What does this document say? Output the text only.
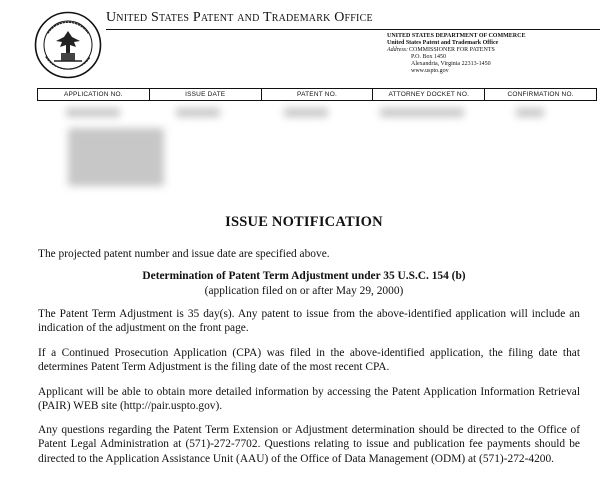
United States Patent and Trademark Office
UNITED STATES DEPARTMENT OF COMMERCE
United States Patent and Trademark Office
Address: COMMISSIONER FOR PATENTS
P.O. Box 1450
Alexandria, Virginia 22313-1450
www.uspto.gov
APPLICATION NO.	ISSUE DATE	PATENT NO.	ATTORNEY DOCKET NO.	CONFIRMATION NO.
ISSUE NOTIFICATION
The projected patent number and issue date are specified above.
Determination of Patent Term Adjustment under 35 U.S.C. 154 (b)
(application filed on or after May 29, 2000)
The Patent Term Adjustment is 35 day(s). Any patent to issue from the above-identified application will include an indication of the adjustment on the front page.
If a Continued Prosecution Application (CPA) was filed in the above-identified application, the filing date that determines Patent Term Adjustment is the filing date of the most recent CPA.
Applicant will be able to obtain more detailed information by accessing the Patent Application Information Retrieval (PAIR) WEB site (http://pair.uspto.gov).
Any questions regarding the Patent Term Extension or Adjustment determination should be directed to the Office of Patent Legal Administration at (571)-272-7702. Questions relating to issue and publication fee payments should be directed to the Application Assistance Unit (AAU) of the Office of Data Management (ODM) at (571)-272-4200.
